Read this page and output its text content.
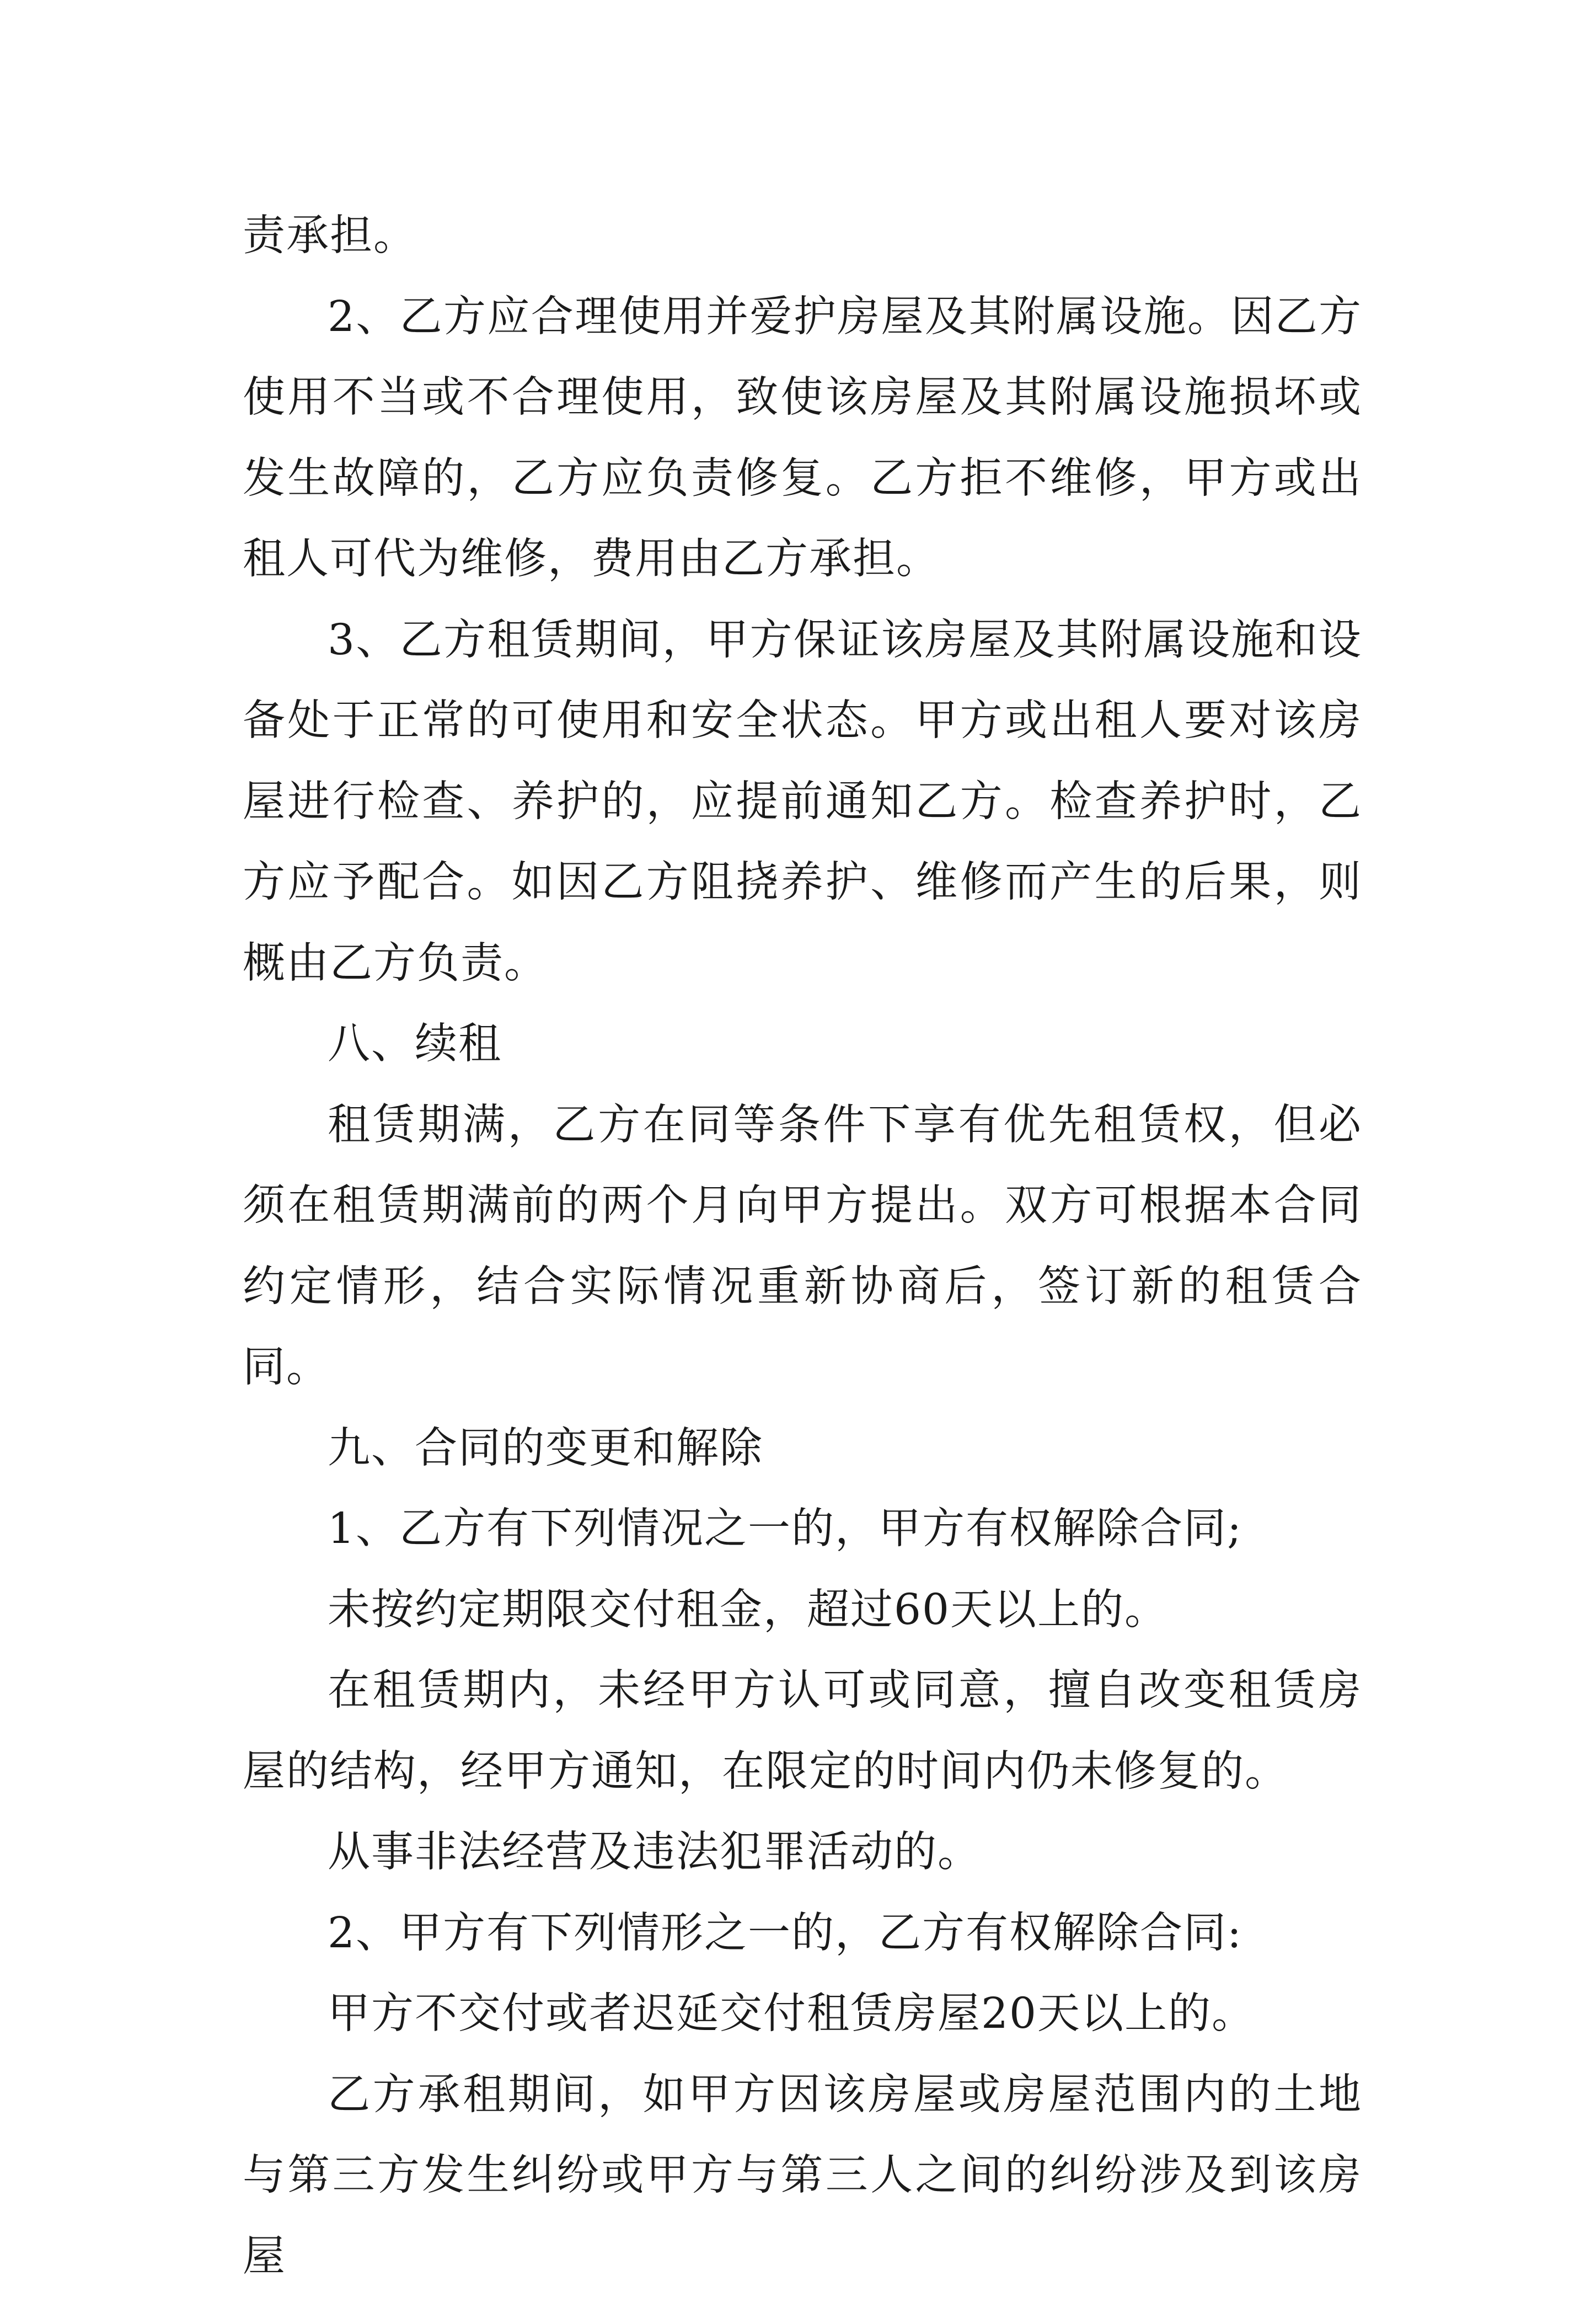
责承担。

2、乙方应合理使用并爱护房屋及其附属设施。因乙方使用不当或不合理使用，致使该房屋及其附属设施损坏或发生故障的，乙方应负责修复。乙方拒不维修，甲方或出租人可代为维修，费用由乙方承担。

3、乙方租赁期间，甲方保证该房屋及其附属设施和设备处于正常的可使用和安全状态。甲方或出租人要对该房屋进行检查、养护的，应提前通知乙方。检查养护时，乙方应予配合。如因乙方阻挠养护、维修而产生的后果，则概由乙方负责。

八、续租

租赁期满，乙方在同等条件下享有优先租赁权，但必须在租赁期满前的两个月向甲方提出。双方可根据本合同约定情形，结合实际情况重新协商后，签订新的租赁合同。

九、合同的变更和解除

1、乙方有下列情况之一的，甲方有权解除合同;

未按约定期限交付租金，超过60天以上的。

在租赁期内，未经甲方认可或同意，擅自改变租赁房屋的结构，经甲方通知，在限定的时间内仍未修复的。

从事非法经营及违法犯罪活动的。

2、甲方有下列情形之一的，乙方有权解除合同:

甲方不交付或者迟延交付租赁房屋20天以上的。

乙方承租期间，如甲方因该房屋或房屋范围内的土地与第三方发生纠纷或甲方与第三人之间的纠纷涉及到该房屋
